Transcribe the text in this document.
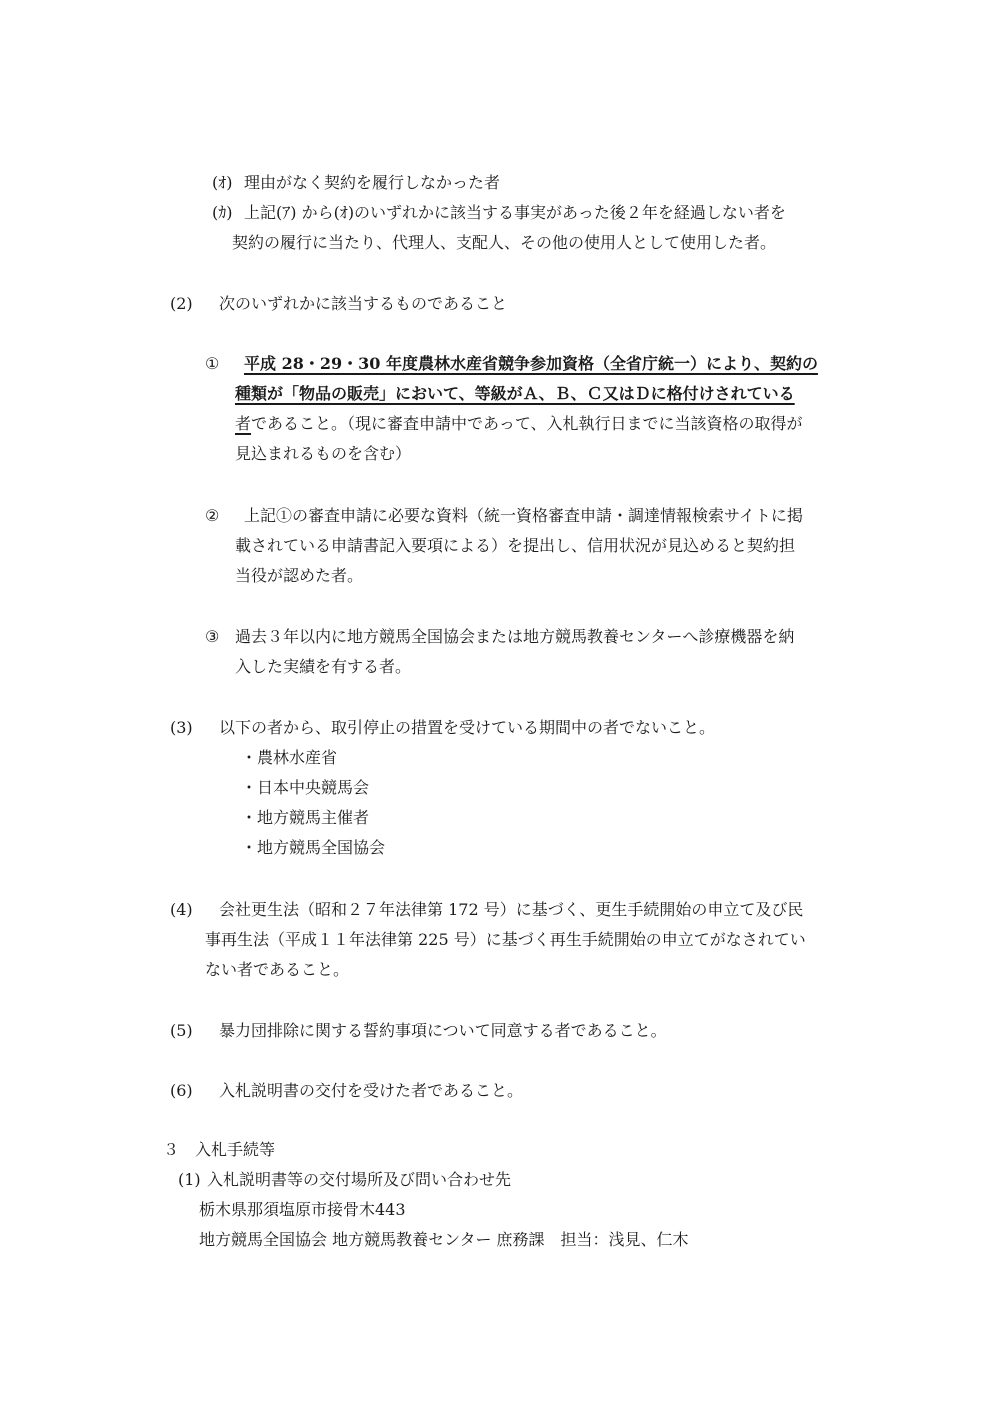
(ｵ) 理由がなく契約を履行しなかった者

(ｶ) 上記(ｱ) から(ｵ)のいずれかに該当する事実があった後２年を経過しない者を

契約の履行に当たり、代理人、支配人、その他の使用人として使用した者。

(2) 次のいずれかに該当するものであること

① 平成 28・29・30 年度農林水産省競争参加資格（全省庁統一）により、契約の

種類が「物品の販売」において、等級がＡ、Ｂ、Ｃ又はＤに格付けされている

者であること。（現に審査申請中であって、入札執行日までに当該資格の取得が

見込まれるものを含む）

② 上記①の審査申請に必要な資料（統一資格審査申請・調達情報検索サイトに掲

載されている申請書記入要項による）を提出し、信用状況が見込めると契約担

当役が認めた者。

③ 過去３年以内に地方競馬全国協会または地方競馬教養センターへ診療機器を納

入した実績を有する者。

(3) 以下の者から、取引停止の措置を受けている期間中の者でないこと。

・農林水産省

・日本中央競馬会

・地方競馬主催者

・地方競馬全国協会

(4) 会社更生法（昭和２７年法律第 172 号）に基づく、更生手続開始の申立て及び民

事再生法（平成１１年法律第 225 号）に基づく再生手続開始の申立てがなされてい

ない者であること。

(5) 暴力団排除に関する誓約事項について同意する者であること。

(6) 入札説明書の交付を受けた者であること。

３　入札手続等

(1) 入札説明書等の交付場所及び問い合わせ先

栃木県那須塩原市接骨木443

地方競馬全国協会 地方競馬教養センター 庶務課　担当：浅見、仁木
